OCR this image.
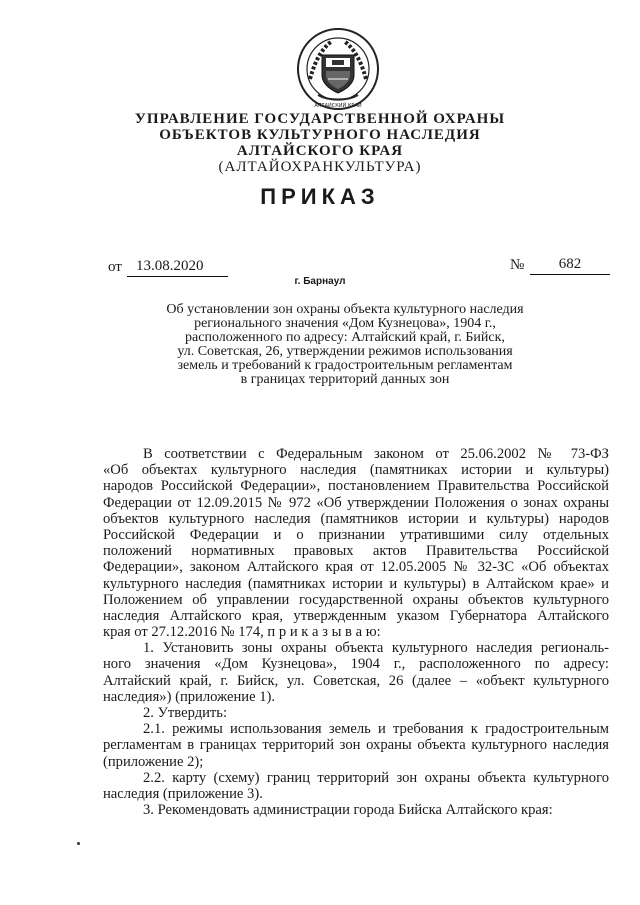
АЛТАЙСКИЙ КРАЙ
УПРАВЛЕНИЕ ГОСУДАРСТВЕННОЙ ОХРАНЫ
ОБЪЕКТОВ КУЛЬТУРНОГО НАСЛЕДИЯ
АЛТАЙСКОГО КРАЯ
(АЛТАЙОХРАНКУЛЬТУРА)
ПРИКАЗ
от 13.08.2020	№	682
г. Барнаул
Об установлении зон охраны объекта культурного наследия
регионального значения «Дом Кузнецова», 1904 г.,
расположенного по адресу: Алтайский край, г. Бийск,
ул. Советская, 26, утверждении режимов использования
земель и требований к градостроительным регламентам
в границах территорий данных зон
В соответствии с Федеральным законом от 25.06.2002 № 73-ФЗ
«Об объектах культурного наследия (памятниках истории и культуры)
народов Российской Федерации», постановлением Правительства Российской
Федерации от 12.09.2015 № 972 «Об утверждении Положения о зонах охраны
объектов культурного наследия (памятников истории и культуры) народов
Российской Федерации и о признании утратившими силу отдельных
положений нормативных правовых актов Правительства Российской
Федерации», законом Алтайского края от 12.05.2005 № 32-ЗС «Об объектах
культурного наследия (памятниках истории и культуры) в Алтайском крае» и
Положением об управлении государственной охраны объектов культурного
наследия Алтайского края, утвержденным указом Губернатора Алтайского
края от 27.12.2016 № 174, п р и к а з ы в а ю:
1. Установить зоны охраны объекта культурного наследия региональ-
ного значения «Дом Кузнецова», 1904 г., расположенного по адресу:
Алтайский край, г. Бийск, ул. Советская, 26 (далее – «объект культурного
наследия») (приложение 1).
2. Утвердить:
2.1. режимы использования земель и требования к градостроительным
регламентам в границах территорий зон охраны объекта культурного наследия
(приложение 2);
2.2. карту (схему) границ территорий зон охраны объекта культурного
наследия (приложение 3).
3. Рекомендовать администрации города Бийска Алтайского края:
